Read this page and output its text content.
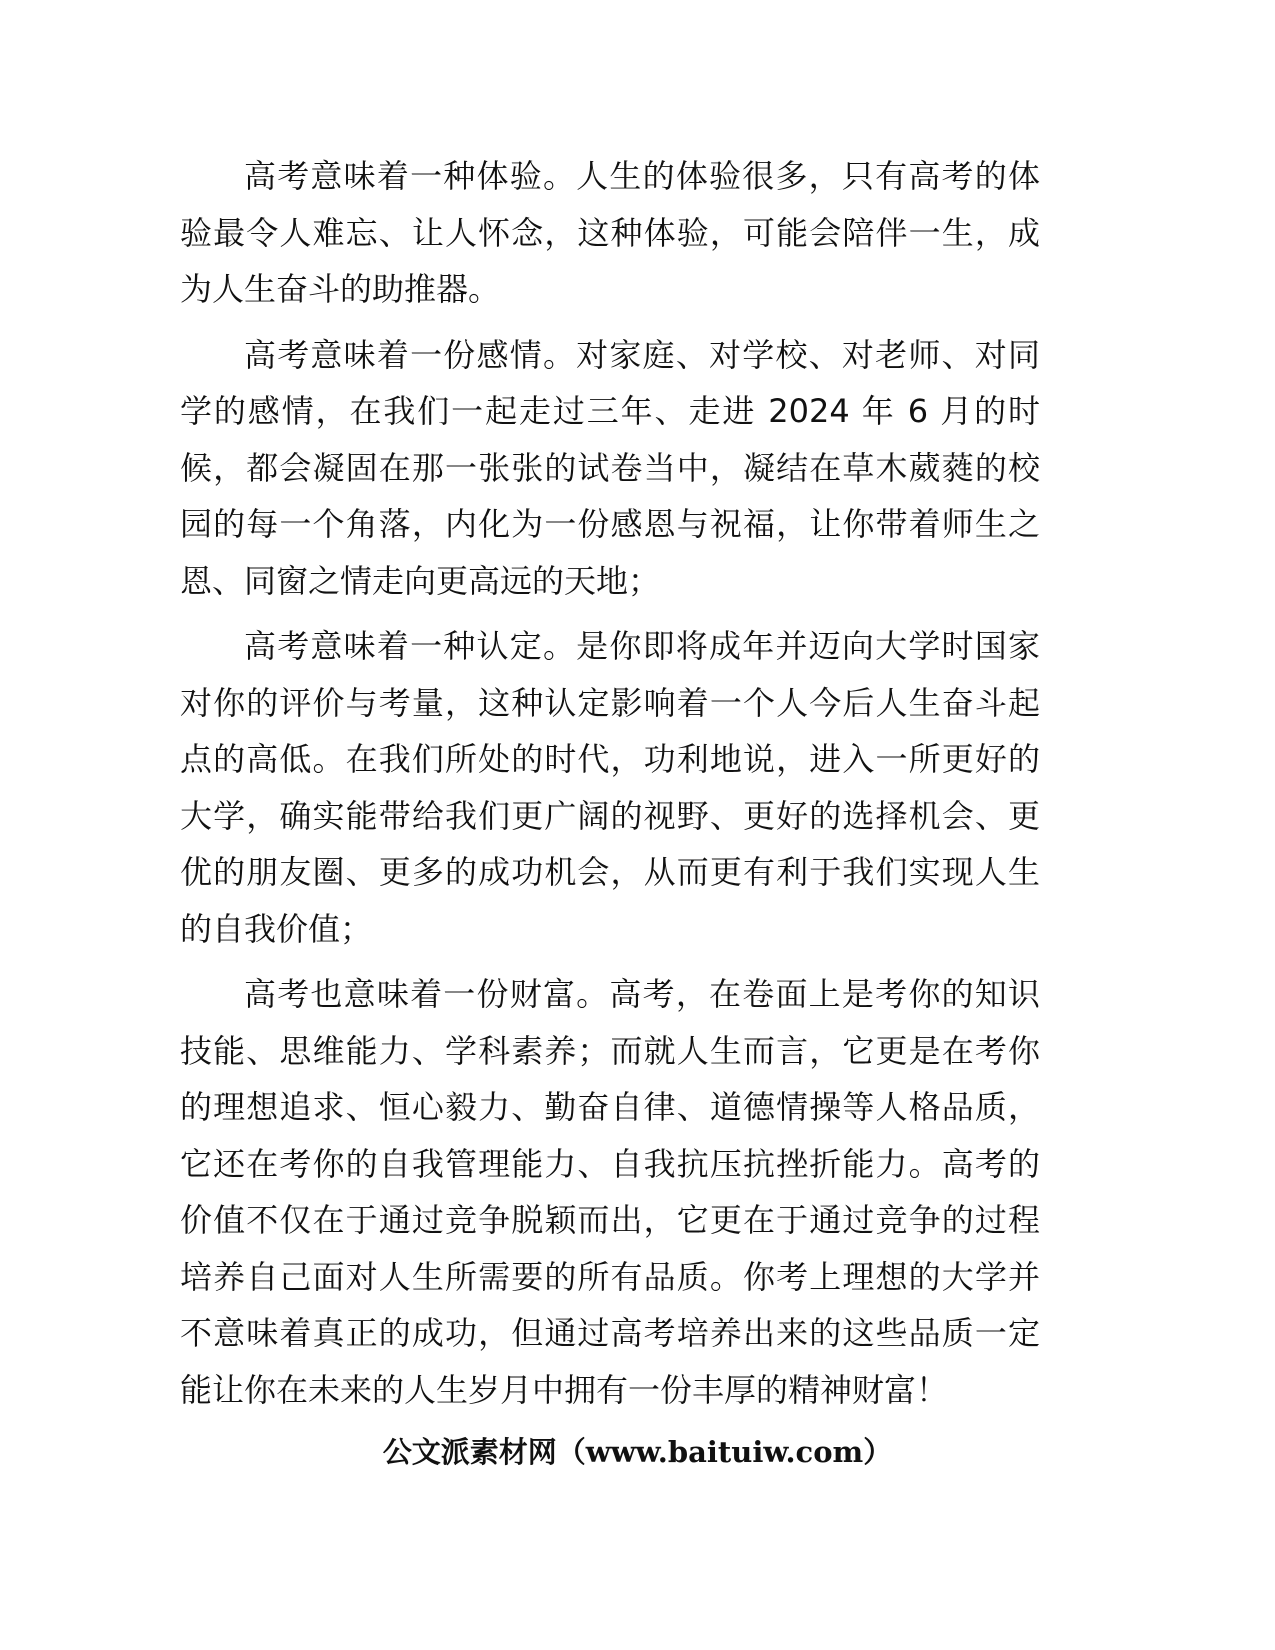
高考意味着一种体验。人生的体验很多，只有高考的体验最令人难忘、让人怀念，这种体验，可能会陪伴一生，成为人生奋斗的助推器。

高考意味着一份感情。对家庭、对学校、对老师、对同学的感情，在我们一起走过三年、走进 2024 年 6 月的时候，都会凝固在那一张张的试卷当中，凝结在草木葳蕤的校园的每一个角落，内化为一份感恩与祝福，让你带着师生之恩、同窗之情走向更高远的天地；

高考意味着一种认定。是你即将成年并迈向大学时国家对你的评价与考量，这种认定影响着一个人今后人生奋斗起点的高低。在我们所处的时代，功利地说，进入一所更好的大学，确实能带给我们更广阔的视野、更好的选择机会、更优的朋友圈、更多的成功机会，从而更有利于我们实现人生的自我价值；

高考也意味着一份财富。高考，在卷面上是考你的知识技能、思维能力、学科素养；而就人生而言，它更是在考你的理想追求、恒心毅力、勤奋自律、道德情操等人格品质，它还在考你的自我管理能力、自我抗压抗挫折能力。高考的价值不仅在于通过竞争脱颖而出，它更在于通过竞争的过程培养自己面对人生所需要的所有品质。你考上理想的大学并不意味着真正的成功，但通过高考培养出来的这些品质一定能让你在未来的人生岁月中拥有一份丰厚的精神财富！

公文派素材网（www.baituiw.com）
